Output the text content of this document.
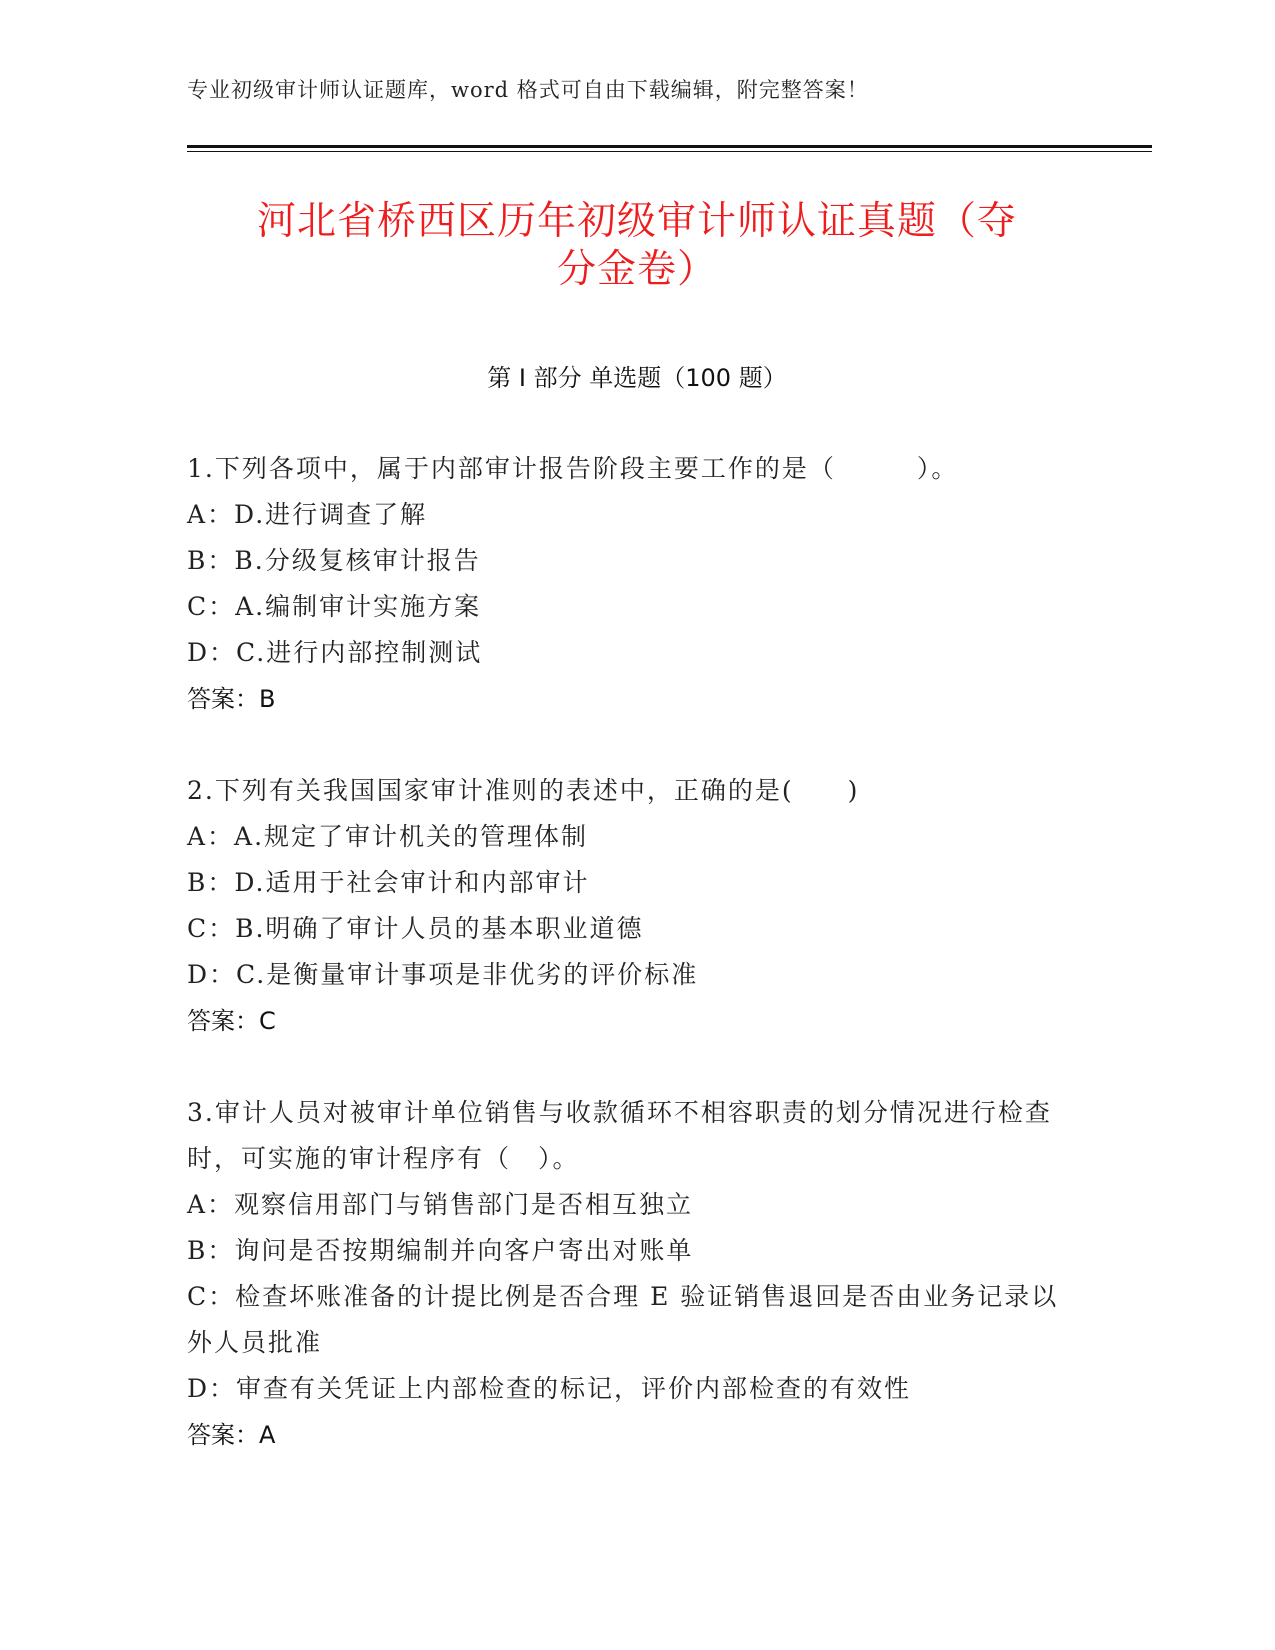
专业初级审计师认证题库，word 格式可自由下载编辑，附完整答案！
河北省桥西区历年初级审计师认证真题（夺
分金卷）
第 I 部分 单选题（100 题）
1.下列各项中，属于内部审计报告阶段主要工作的是（　　　）。
A：D.进行调查了解
B：B.分级复核审计报告
C：A.编制审计实施方案
D：C.进行内部控制测试
答案：B
2.下列有关我国国家审计准则的表述中，正确的是(　　)
A：A.规定了审计机关的管理体制
B：D.适用于社会审计和内部审计
C：B.明确了审计人员的基本职业道德
D：C.是衡量审计事项是非优劣的评价标准
答案：C
3.审计人员对被审计单位销售与收款循环不相容职责的划分情况进行检查时，可实施的审计程序有（　）。
A：观察信用部门与销售部门是否相互独立
B：询问是否按期编制并向客户寄出对账单
C：检查坏账准备的计提比例是否合理 E 验证销售退回是否由业务记录以外人员批准
D：审查有关凭证上内部检查的标记，评价内部检查的有效性
答案：A
